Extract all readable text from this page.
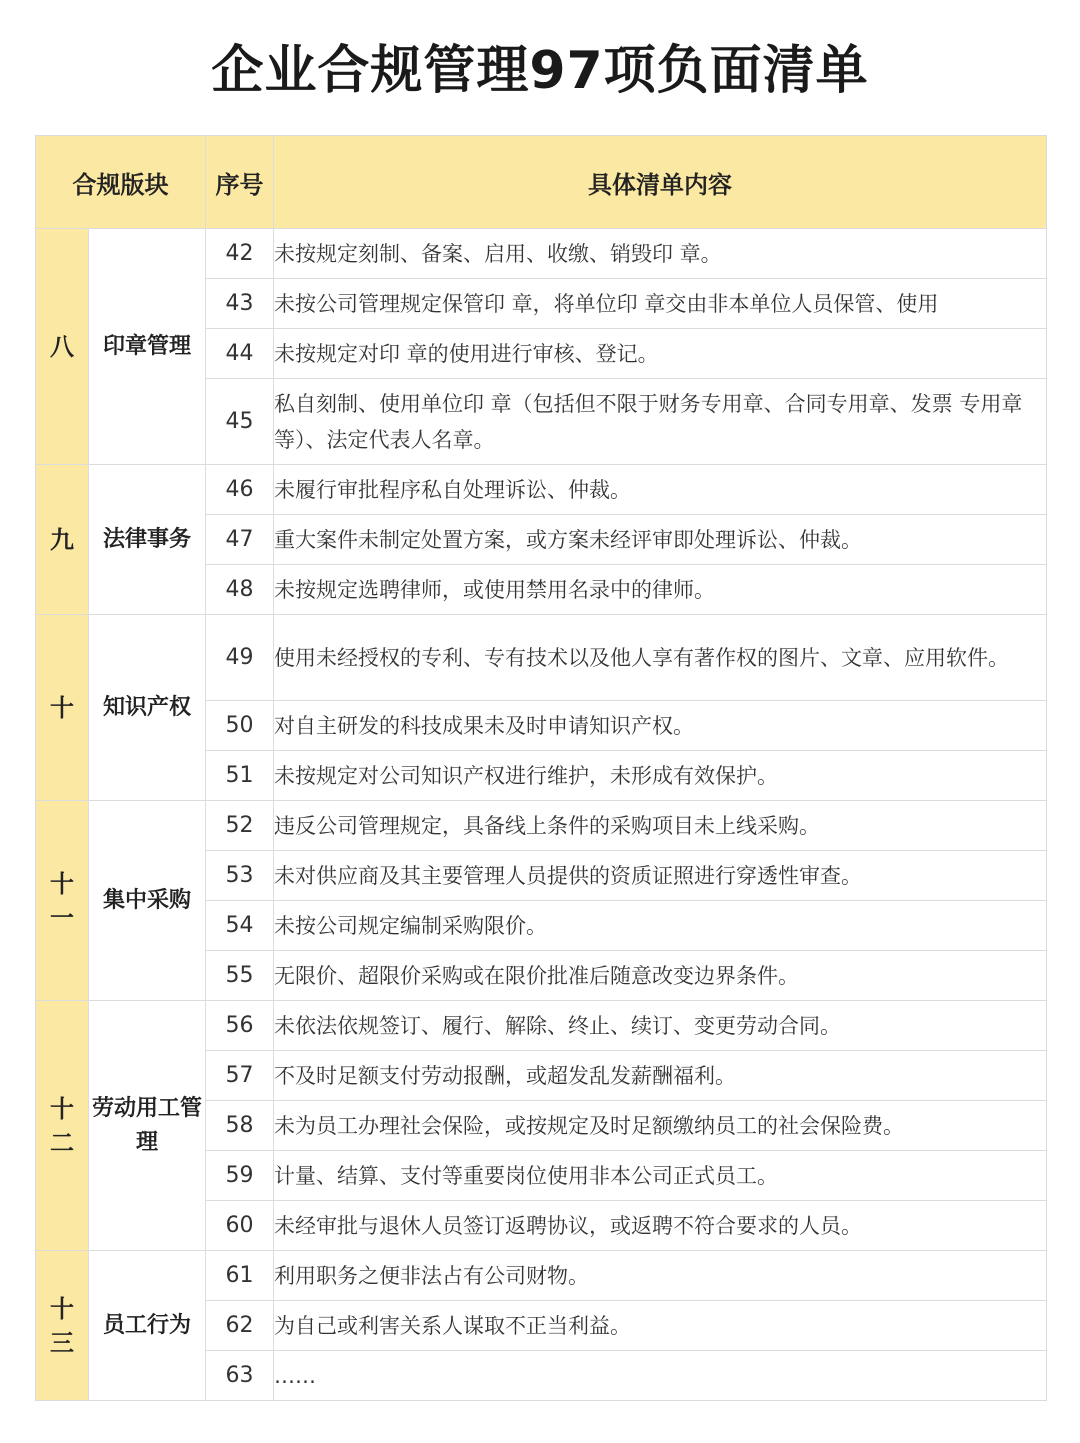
企业合规管理97项负面清单
合规版块		序号	具体清单内容
八	印章管理	42	未按规定刻制、备案、启用、收缴、销毁印 章。
		43	未按公司管理规定保管印 章，将单位印 章交由非本单位人员保管、使用
		44	未按规定对印 章的使用进行审核、登记。
		45	私自刻制、使用单位印 章（包括但不限于财务专用章、合同专用章、发票 专用章等）、法定代表人名章。
九	法律事务	46	未履行审批程序私自处理诉讼、仲裁。
		47	重大案件未制定处置方案，或方案未经评审即处理诉讼、仲裁。
		48	未按规定选聘律师，或使用禁用名录中的律师。
十	知识产权	49	使用未经授权的专利、专有技术以及他人享有著作权的图片、文章、应用软件。
		50	对自主研发的科技成果未及时申请知识产权。
		51	未按规定对公司知识产权进行维护，未形成有效保护。
十一	集中采购	52	违反公司管理规定，具备线上条件的采购项目未上线采购。
		53	未对供应商及其主要管理人员提供的资质证照进行穿透性审查。
		54	未按公司规定编制采购限价。
		55	无限价、超限价采购或在限价批准后随意改变边界条件。
十二	劳动用工管理	56	未依法依规签订、履行、解除、终止、续订、变更劳动合同。
		57	不及时足额支付劳动报酬，或超发乱发薪酬福利。
		58	未为员工办理社会保险，或按规定及时足额缴纳员工的社会保险费。
		59	计量、结算、支付等重要岗位使用非本公司正式员工。
		60	未经审批与退休人员签订返聘协议，或返聘不符合要求的人员。
十三	员工行为	61	利用职务之便非法占有公司财物。
		62	为自己或利害关系人谋取不正当利益。
		63	……
